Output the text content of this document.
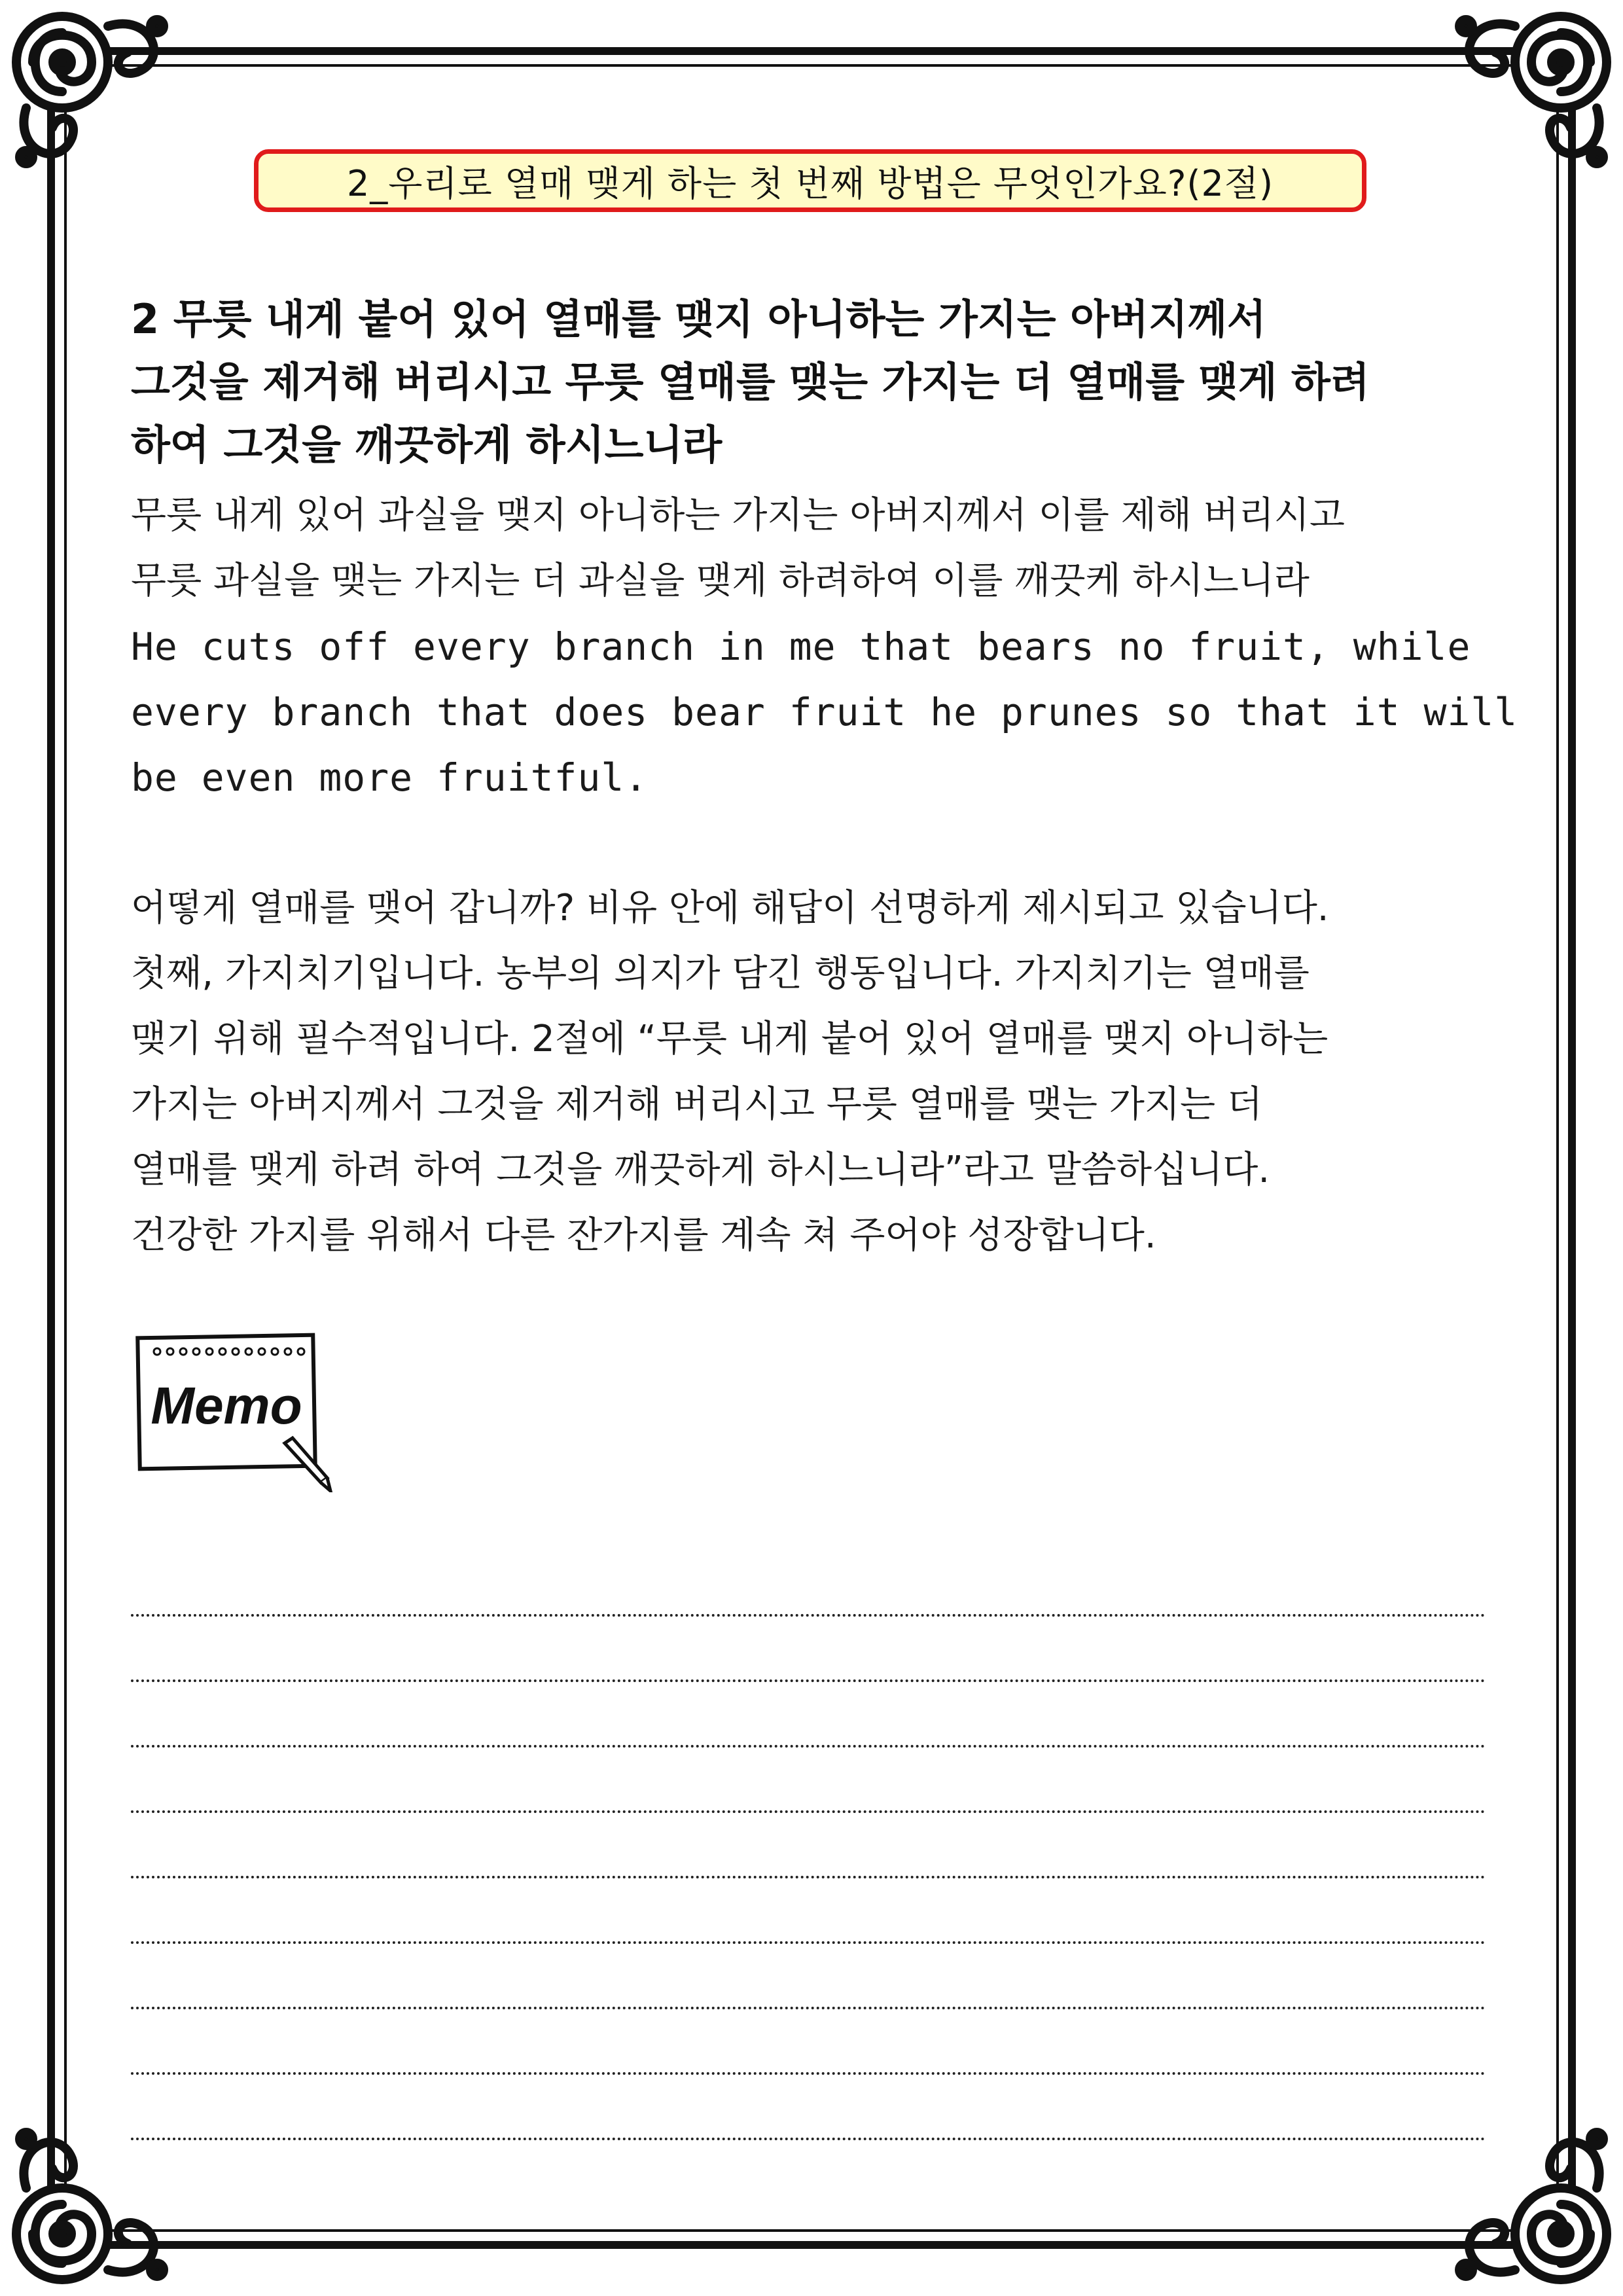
2_우리로 열매 맺게 하는 첫 번째 방법은 무엇인가요?(2절)
2 무릇 내게 붙어 있어 열매를 맺지 아니하는 가지는 아버지께서
그것을 제거해 버리시고 무릇 열매를 맺는 가지는 더 열매를 맺게 하려
하여 그것을 깨끗하게 하시느니라
무릇 내게 있어 과실을 맺지 아니하는 가지는 아버지께서 이를 제해 버리시고
무릇 과실을 맺는 가지는 더 과실을 맺게 하려하여 이를 깨끗케 하시느니라
He cuts off every branch in me that bears no fruit, while
every branch that does bear fruit he prunes so that it will
be even more fruitful.
어떻게 열매를 맺어 갑니까? 비유 안에 해답이 선명하게 제시되고 있습니다.
첫째, 가지치기입니다. 농부의 의지가 담긴 행동입니다. 가지치기는 열매를
맺기 위해 필수적입니다. 2절에 “무릇 내게 붙어 있어 열매를 맺지 아니하는
가지는 아버지께서 그것을 제거해 버리시고 무릇 열매를 맺는 가지는 더
열매를 맺게 하려 하여 그것을 깨끗하게 하시느니라”라고 말씀하십니다.
건강한 가지를 위해서 다른 잔가지를 계속 쳐 주어야 성장합니다.
Memo
